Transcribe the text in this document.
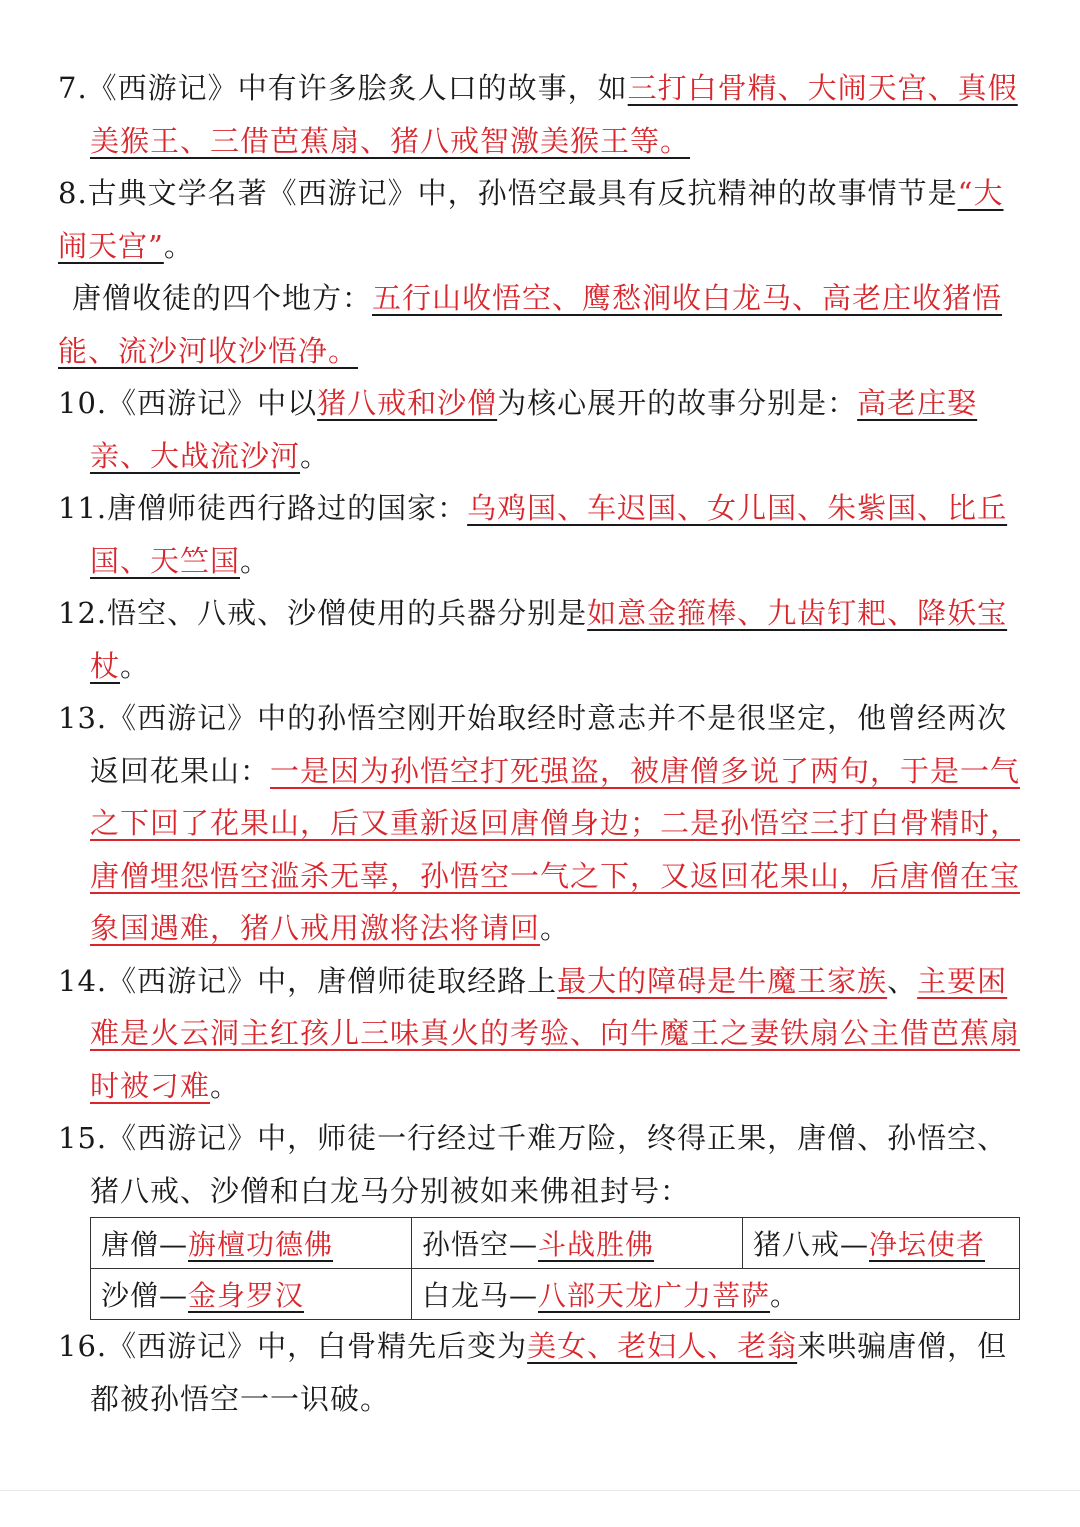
7.《西游记》中有许多脍炙人口的故事，如三打白骨精、大闹天宫、真假美猴王、三借芭蕉扇、猪八戒智激美猴王等。

8.古典文学名著《西游记》中，孙悟空最具有反抗精神的故事情节是“大闹天宫”。

唐僧收徒的四个地方：五行山收悟空、鹰愁涧收白龙马、高老庄收猪悟能、流沙河收沙悟净。

10.《西游记》中以猪八戒和沙僧为核心展开的故事分别是：高老庄娶亲、大战流沙河。

11.唐僧师徒西行路过的国家：乌鸡国、车迟国、女儿国、朱紫国、比丘国、天竺国。

12.悟空、八戒、沙僧使用的兵器分别是如意金箍棒、九齿钉耙、降妖宝杖。

13.《西游记》中的孙悟空刚开始取经时意志并不是很坚定，他曾经两次返回花果山：一是因为孙悟空打死强盗，被唐僧多说了两句，于是一气之下回了花果山，后又重新返回唐僧身边；二是孙悟空三打白骨精时，唐僧埋怨悟空滥杀无辜，孙悟空一气之下，又返回花果山，后唐僧在宝象国遇难，猪八戒用激将法将请回。

14.《西游记》中，唐僧师徒取经路上最大的障碍是牛魔王家族、主要困难是火云洞主红孩儿三味真火的考验、向牛魔王之妻铁扇公主借芭蕉扇时被刁难。

15.《西游记》中，师徒一行经过千难万险，终得正果，唐僧、孙悟空、猪八戒、沙僧和白龙马分别被如来佛祖封号：

唐僧—旃檀功德佛	孙悟空—斗战胜佛	猪八戒—净坛使者
沙僧—金身罗汉	白龙马—八部天龙广力菩萨。	

16.《西游记》中，白骨精先后变为美女、老妇人、老翁来哄骗唐僧，但都被孙悟空一一识破。
